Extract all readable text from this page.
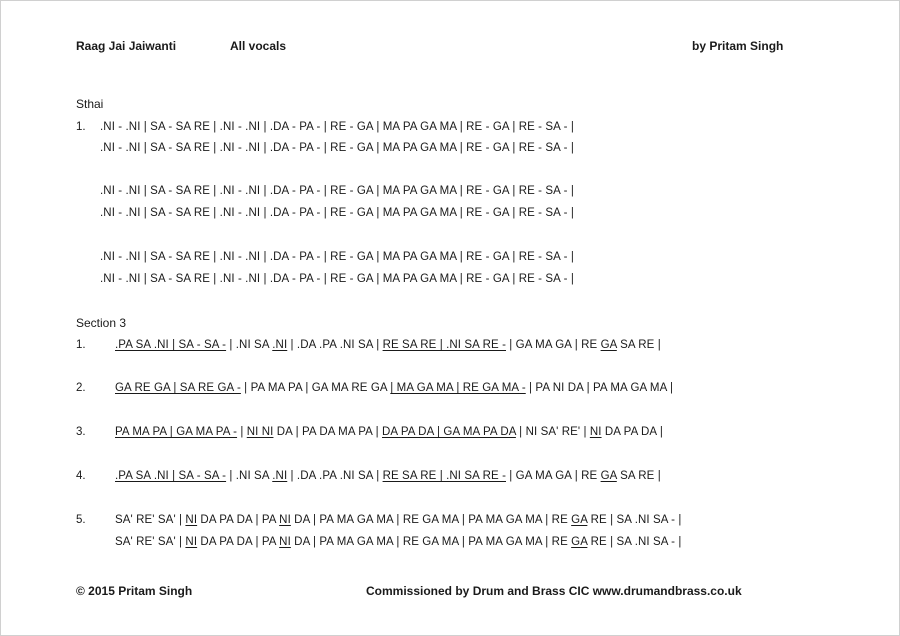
Raag Jai Jaiwanti	All vocals	by Pritam Singh
Sthai
1. .NI - .NI | SA - SA RE | .NI - .NI | .DA - PA - | RE - GA | MA PA GA MA | RE - GA | RE - SA - |
.NI - .NI | SA - SA RE | .NI - .NI | .DA - PA - | RE - GA | MA PA GA MA | RE - GA | RE - SA - |
.NI - .NI | SA - SA RE | .NI - .NI | .DA - PA - | RE - GA | MA PA GA MA | RE - GA | RE - SA - |
.NI - .NI | SA - SA RE | .NI - .NI | .DA - PA - | RE - GA | MA PA GA MA | RE - GA | RE - SA - |
.NI - .NI | SA - SA RE | .NI - .NI | .DA - PA - | RE - GA | MA PA GA MA | RE - GA | RE - SA - |
.NI - .NI | SA - SA RE | .NI - .NI | .DA - PA - | RE - GA | MA PA GA MA | RE - GA | RE - SA - |
Section 3
1.	.PA SA .NI | SA - SA - | .NI SA .NI | .DA .PA .NI SA | RE SA RE | .NI SA RE - | GA MA GA | RE GA SA RE |
2.	GA RE GA | SA RE GA - | PA MA PA | GA MA RE GA | MA GA MA | RE GA MA - | PA NI DA | PA MA GA MA |
3.	PA MA PA | GA MA PA - | NI NI DA | PA DA MA PA | DA PA DA | GA MA PA DA | NI SA' RE' | NI DA PA DA |
4.	.PA SA .NI | SA - SA - | .NI SA .NI | .DA .PA .NI SA | RE SA RE | .NI SA RE - | GA MA GA | RE GA SA RE |
5.	SA' RE' SA' | NI DA PA DA | PA NI DA | PA MA GA MA | RE GA MA | PA MA GA MA | RE GA RE | SA .NI SA - |
SA' RE' SA' | NI DA PA DA | PA NI DA | PA MA GA MA | RE GA MA | PA MA GA MA | RE GA RE | SA .NI SA - |
© 2015 Pritam Singh	Commissioned by Drum and Brass CIC www.drumandbrass.co.uk
